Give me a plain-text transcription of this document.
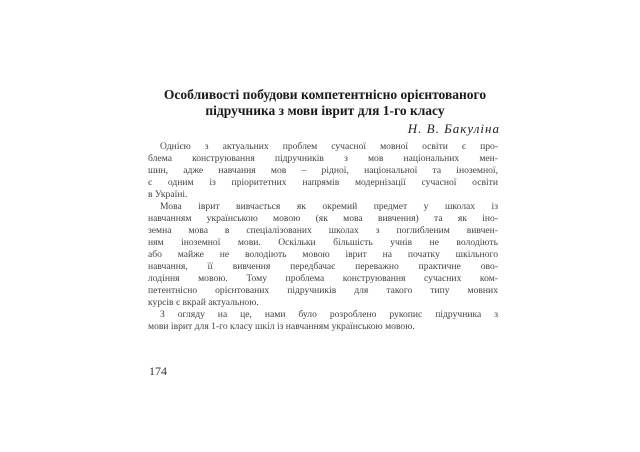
Особливості побудови компетентнісно орієнтованого
підручника з мови іврит для 1-го класу
Н. В. Бакуліна
Однією з актуальних проблем сучасної мовної освіти є про-
блема конструювання підручників з мов національних мен-
шин, адже навчання мов – рідної, національної та іноземної,
є одним із пріоритетних напрямів модернізації сучасної освіти
в Україні.
Мова іврит вивчається як окремий предмет у школах із
навчанням українською мовою (як мова вивчення) та як іно-
земна мова в спеціалізованих школах з поглибленим вивчен-
ням іноземної мови. Оскільки більшість учнів не володіють
або майже не володіють мовою іврит на початку шкільного
навчання, її вивчення передбачає переважно практичне ово-
лодіння мовою. Тому проблема конструювання сучасних ком-
петентнісно орієнтованих підручників для такого типу мовних
курсів є вкрай актуальною.
З огляду на це, нами було розроблено рукопис підручника з
мови іврит для 1-го класу шкіл із навчанням українською мовою.
174
